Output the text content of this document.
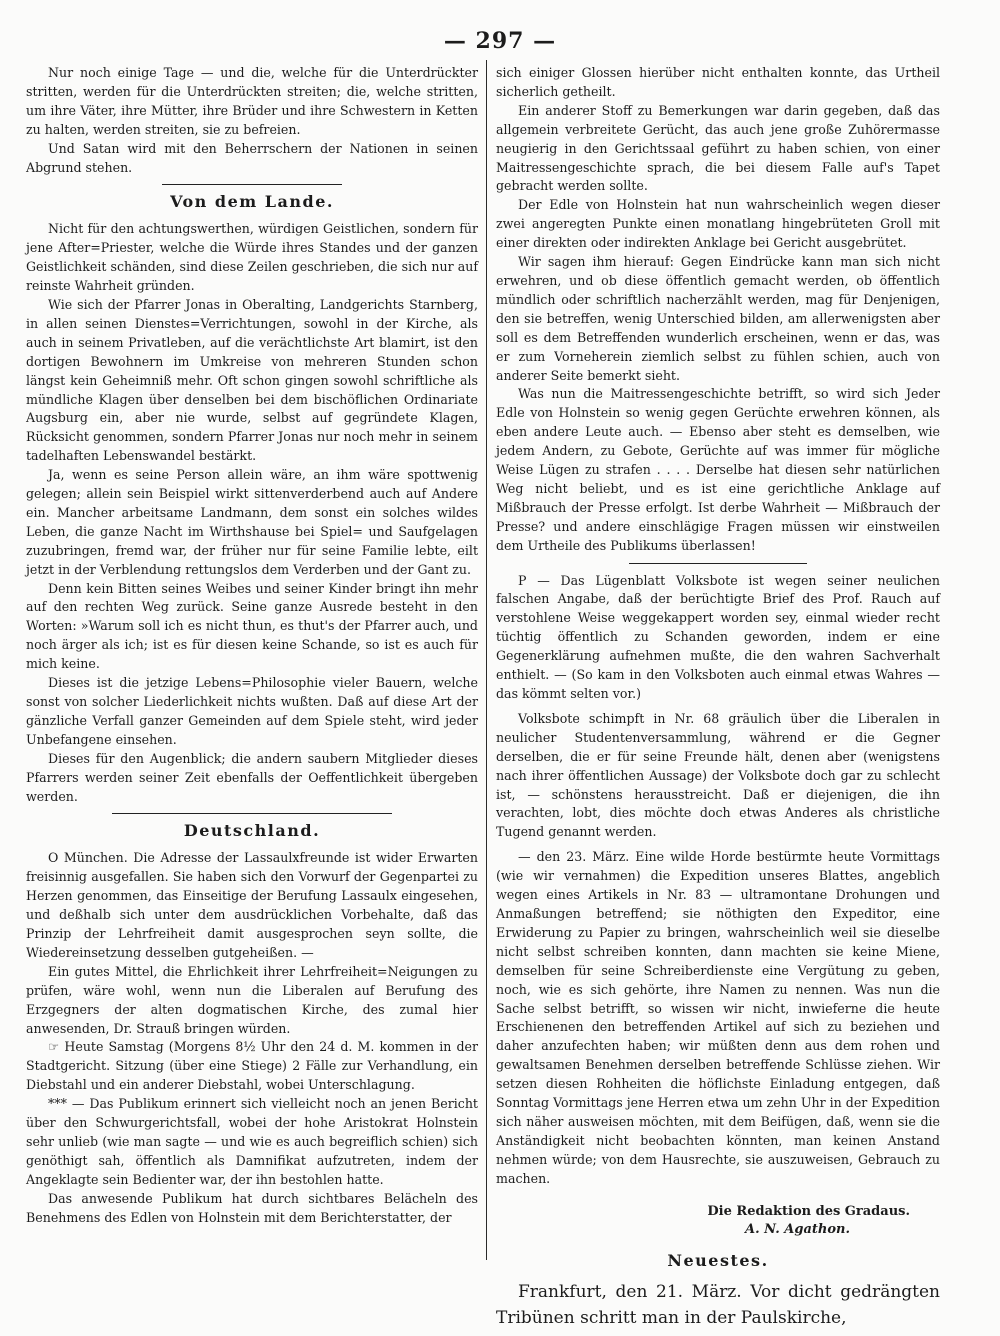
— 297 —

Nur noch einige Tage — und die, welche für die Unterdrückter stritten, werden für die Unterdrückten streiten; die, welche stritten, um ihre Väter, ihre Mütter, ihre Brüder und ihre Schwestern in Ketten zu halten, werden streiten, sie zu befreien.

Und Satan wird mit den Beherrschern der Nationen in seinen Abgrund stehen.

Von dem Lande.

Nicht für den achtungswerthen, würdigen Geistlichen, sondern für jene After=Priester, welche die Würde ihres Standes und der ganzen Geistlichkeit schänden, sind diese Zeilen geschrieben, die sich nur auf reinste Wahrheit gründen.

Wie sich der Pfarrer Jonas in Oberalting, Landgerichts Starnberg, in allen seinen Dienstes=Verrichtungen, sowohl in der Kirche, als auch in seinem Privatleben, auf die verächtlichste Art blamirt, ist den dortigen Bewohnern im Umkreise von mehreren Stunden schon längst kein Geheimniß mehr. Oft schon gingen sowohl schriftliche als mündliche Klagen über denselben bei dem bischöflichen Ordinariate Augsburg ein, aber nie wurde, selbst auf gegründete Klagen, Rücksicht genommen, sondern Pfarrer Jonas nur noch mehr in seinem tadelhaften Lebenswandel bestärkt.

Ja, wenn es seine Person allein wäre, an ihm wäre spottwenig gelegen; allein sein Beispiel wirkt sittenverderbend auch auf Andere ein. Mancher arbeitsame Landmann, dem sonst ein solches wildes Leben, die ganze Nacht im Wirthshause bei Spiel= und Saufgelagen zuzubringen, fremd war, der früher nur für seine Familie lebte, eilt jetzt in der Verblendung rettungslos dem Verderben und der Gant zu.

Denn kein Bitten seines Weibes und seiner Kinder bringt ihn mehr auf den rechten Weg zurück. Seine ganze Ausrede besteht in den Worten: »Warum soll ich es nicht thun, es thut's der Pfarrer auch, und noch ärger als ich; ist es für diesen keine Schande, so ist es auch für mich keine.

Dieses ist die jetzige Lebens=Philosophie vieler Bauern, welche sonst von solcher Liederlichkeit nichts wußten. Daß auf diese Art der gänzliche Verfall ganzer Gemeinden auf dem Spiele steht, wird jeder Unbefangene einsehen.

Dieses für den Augenblick; die andern saubern Mitglieder dieses Pfarrers werden seiner Zeit ebenfalls der Oeffentlichkeit übergeben werden.

Deutschland.

O München. Die Adresse der Lassaulxfreunde ist wider Erwarten freisinnig ausgefallen. Sie haben sich den Vorwurf der Gegenpartei zu Herzen genommen, das Einseitige der Berufung Lassaulx eingesehen, und deßhalb sich unter dem ausdrücklichen Vorbehalte, daß das Prinzip der Lehrfreiheit damit ausgesprochen seyn sollte, die Wiedereinsetzung desselben gutgeheißen. —

Ein gutes Mittel, die Ehrlichkeit ihrer Lehrfreiheit=Neigungen zu prüfen, wäre wohl, wenn nun die Liberalen auf Berufung des Erzgegners der alten dogmatischen Kirche, des zumal hier anwesenden, Dr. Strauß bringen würden.

☞ Heute Samstag (Morgens 8½ Uhr den 24 d. M. kommen in der Stadtgericht. Sitzung (über eine Stiege) 2 Fälle zur Verhandlung, ein Diebstahl und ein anderer Diebstahl, wobei Unterschlagung.

*** — Das Publikum erinnert sich vielleicht noch an jenen Bericht über den Schwurgerichtsfall, wobei der hohe Aristokrat Holnstein sehr unlieb (wie man sagte — und wie es auch begreiflich schien) sich genöthigt sah, öffentlich als Damnifikat aufzutreten, indem der Angeklagte sein Bedienter war, der ihn bestohlen hatte.

Das anwesende Publikum hat durch sichtbares Belächeln des Benehmens des Edlen von Holnstein mit dem Berichterstatter, der

sich einiger Glossen hierüber nicht enthalten konnte, das Urtheil sicherlich getheilt.

Ein anderer Stoff zu Bemerkungen war darin gegeben, daß das allgemein verbreitete Gerücht, das auch jene große Zuhörermasse neugierig in den Gerichtssaal geführt zu haben schien, von einer Maitressengeschichte sprach, die bei diesem Falle auf's Tapet gebracht werden sollte.

Der Edle von Holnstein hat nun wahrscheinlich wegen dieser zwei angeregten Punkte einen monatlang hingebrüteten Groll mit einer direkten oder indirekten Anklage bei Gericht ausgebrütet.

Wir sagen ihm hierauf: Gegen Eindrücke kann man sich nicht erwehren, und ob diese öffentlich gemacht werden, ob öffentlich mündlich oder schriftlich nacherzählt werden, mag für Denjenigen, den sie betreffen, wenig Unterschied bilden, am allerwenigsten aber soll es dem Betreffenden wunderlich erscheinen, wenn er das, was er zum Vorneherein ziemlich selbst zu fühlen schien, auch von anderer Seite bemerkt sieht.

Was nun die Maitressengeschichte betrifft, so wird sich Jeder Edle von Holnstein so wenig gegen Gerüchte erwehren können, als eben andere Leute auch. — Ebenso aber steht es demselben, wie jedem Andern, zu Gebote, Gerüchte auf was immer für mögliche Weise Lügen zu strafen . . . . Derselbe hat diesen sehr natürlichen Weg nicht beliebt, und es ist eine gerichtliche Anklage auf Mißbrauch der Presse erfolgt. Ist derbe Wahrheit — Mißbrauch der Presse? und andere einschlägige Fragen müssen wir einstweilen dem Urtheile des Publikums überlassen!

P — Das Lügenblatt Volksbote ist wegen seiner neulichen falschen Angabe, daß der berüchtigte Brief des Prof. Rauch auf verstohlene Weise weggekappert worden sey, einmal wieder recht tüchtig öffentlich zu Schanden geworden, indem er eine Gegenerklärung aufnehmen mußte, die den wahren Sachverhalt enthielt. — (So kam in den Volksboten auch einmal etwas Wahres — das kömmt selten vor.)

Volksbote schimpft in Nr. 68 gräulich über die Liberalen in neulicher Studentenversammlung, während er die Gegner derselben, die er für seine Freunde hält, denen aber (wenigstens nach ihrer öffentlichen Aussage) der Volksbote doch gar zu schlecht ist, — schönstens herausstreicht. Daß er diejenigen, die ihn verachten, lobt, dies möchte doch etwas Anderes als christliche Tugend genannt werden.

— den 23. März. Eine wilde Horde bestürmte heute Vormittags (wie wir vernahmen) die Expedition unseres Blattes, angeblich wegen eines Artikels in Nr. 83 — ultramontane Drohungen und Anmaßungen betreffend; sie nöthigten den Expeditor, eine Erwiderung zu Papier zu bringen, wahrscheinlich weil sie dieselbe nicht selbst schreiben konnten, dann machten sie keine Miene, demselben für seine Schreiberdienste eine Vergütung zu geben, noch, wie es sich gehörte, ihre Namen zu nennen. Was nun die Sache selbst betrifft, so wissen wir nicht, inwieferne die heute Erschienenen den betreffenden Artikel auf sich zu beziehen und daher anzufechten haben; wir müßten denn aus dem rohen und gewaltsamen Benehmen derselben betreffende Schlüsse ziehen. Wir setzen diesen Rohheiten die höflichste Einladung entgegen, daß Sonntag Vormittags jene Herren etwa um zehn Uhr in der Expedition sich näher ausweisen möchten, mit dem Beifügen, daß, wenn sie die Anständigkeit nicht beobachten könnten, man keinen Anstand nehmen würde; von dem Hausrechte, sie auszuweisen, Gebrauch zu machen.

Die Redaktion des Gradaus.
A. N. Agathon.
Neuestes.

Frankfurt, den 21. März. Vor dicht gedrängten Tribünen schritt man in der Paulskirche,
